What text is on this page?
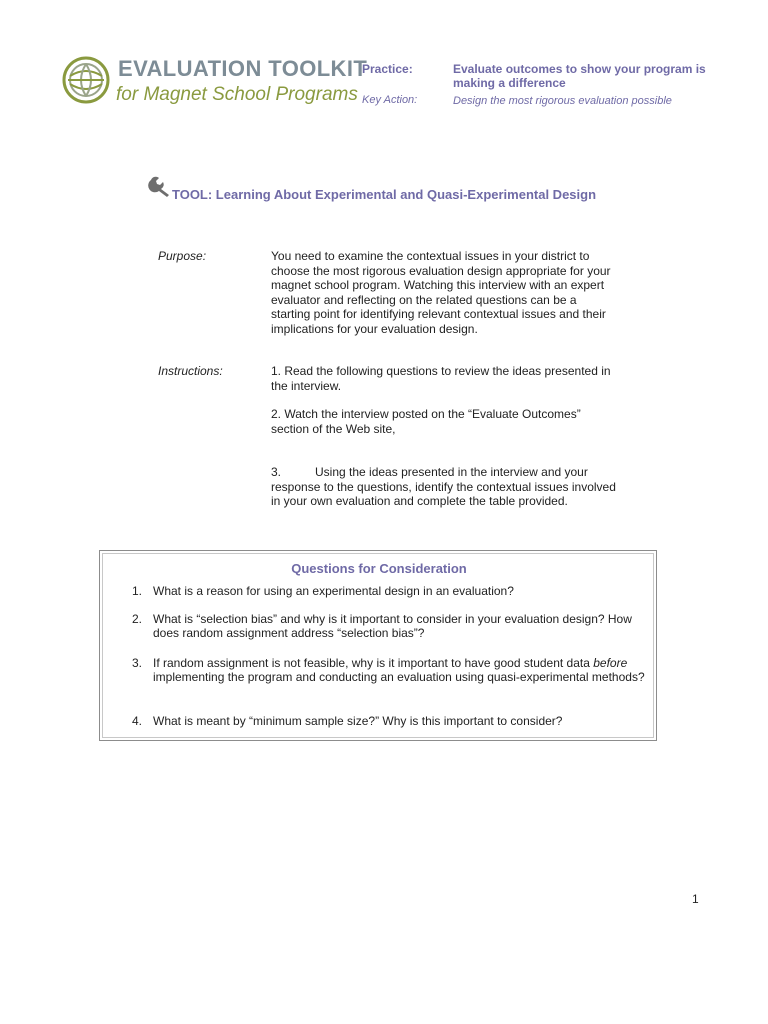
EVALUATION TOOLKIT
for Magnet School Programs
Practice:	Evaluate outcomes to show your program is making a difference
Key Action:	Design the most rigorous evaluation possible
TOOL: Learning About Experimental and Quasi-Experimental Design
Purpose:	You need to examine the contextual issues in your district to choose the most rigorous evaluation design appropriate for your magnet school program. Watching this interview with an expert evaluator and reflecting on the related questions can be a starting point for identifying relevant contextual issues and their implications for your evaluation design.
Instructions:	1. Read the following questions to review the ideas presented in the interview.
2. Watch the interview posted on the “Evaluate Outcomes” section of the Web site,
3.	Using the ideas presented in the interview and your response to the questions, identify the contextual issues involved in your own evaluation and complete the table provided.
Questions for Consideration
1. What is a reason for using an experimental design in an evaluation?
2. What is “selection bias” and why is it important to consider in your evaluation design? How does random assignment address “selection bias”?
3. If random assignment is not feasible, why is it important to have good student data before implementing the program and conducting an evaluation using quasi-experimental methods?
4. What is meant by “minimum sample size?” Why is this important to consider?
1
